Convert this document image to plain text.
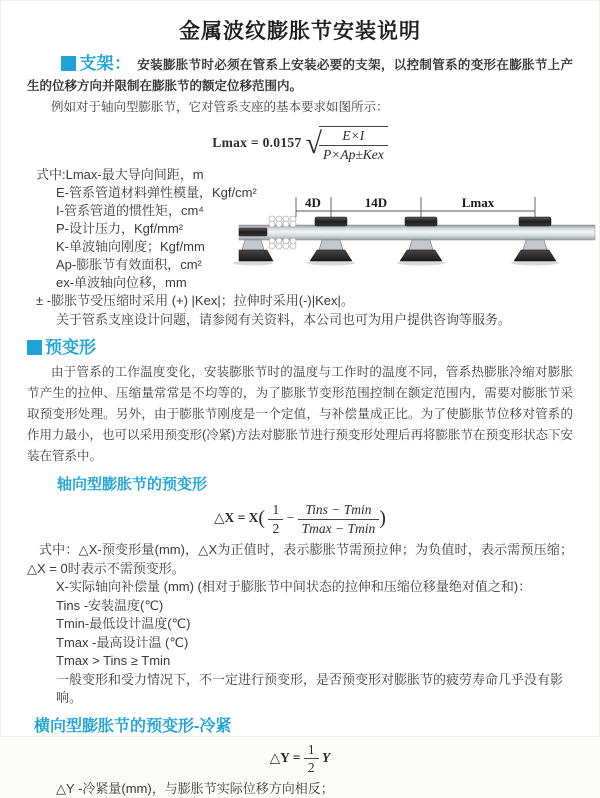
金属波纹膨胀节安装说明

支架： 安装膨胀节时必须在管系上安装必要的支架，以控制管系的变形在膨胀节上产生的位移方向并限制在膨胀节的额定位移范围内。

例如对于轴向型膨胀节，它对管系支座的基本要求如图所示：

Lmax = 0.0157 √
$\frac{E\times I}{\text{P×Ap±Kex}}$
式中:Lmax-最大导向间距，m
E-管系管道材料弹性模量，Kgf/cm²
I-管系管道的惯性矩，cm⁴
P-设计压力，Kgf/mm²
K-单波轴向刚度；Kgf/mm
Ap-膨胀节有效面积，cm²
ex-单波轴向位移，mm
4D	14D	Lmax
± -膨胀节受压缩时采用 (+) |Kex|；拉伸时采用(-)|Kex|。
关于管系支座设计问题，请参阅有关资料，本公司也可为用户提供咨询等服务。
预变形

由于管系的工作温度变化，安装膨胀节时的温度与工作时的温度不同，管系热膨胀冷缩对膨胀节产生的拉伸、压缩量常常是不均等的，为了膨胀节变形范围控制在额定范围内，需要对膨胀节采取预变形处理。另外，由于膨胀节刚度是一个定值，与补偿量成正比。为了使膨胀节位移对管系的作用力最小，也可以采用预变形(冷紧)方法对膨胀节进行预变形处理后再将膨胀节在预变形状态下安装在管系中。

轴向型膨胀节的预变形
△X = $X( \frac{1}{2} - \frac{\text{Tins − Tmin}}{Tmax - Tmin}$ )

式中：△X-预变形量(mm)，△X为正值时，表示膨胀节需预拉伸；为负值时，表示需预压缩；△X = 0时表示不需预变形。

X-实际轴向补偿量 (mm) (相对于膨胀节中间状态的拉伸和压缩位移量绝对值之和)：
Tins -安装温度(℃)
Tmin-最低设计温度(℃)
Tmax -最高设计温 (℃)
Tmax > Tins ≥ Tmin
一般变形和受力情况下，不一定进行预变形，是否预变形对膨胀节的疲劳寿命几乎没有影响。
横向型膨胀节的预变形-冷紧
△Y = $\frac{1}{2}$ Y
△Y -冷紧量(mm)，与膨胀节实际位移方向相反；
